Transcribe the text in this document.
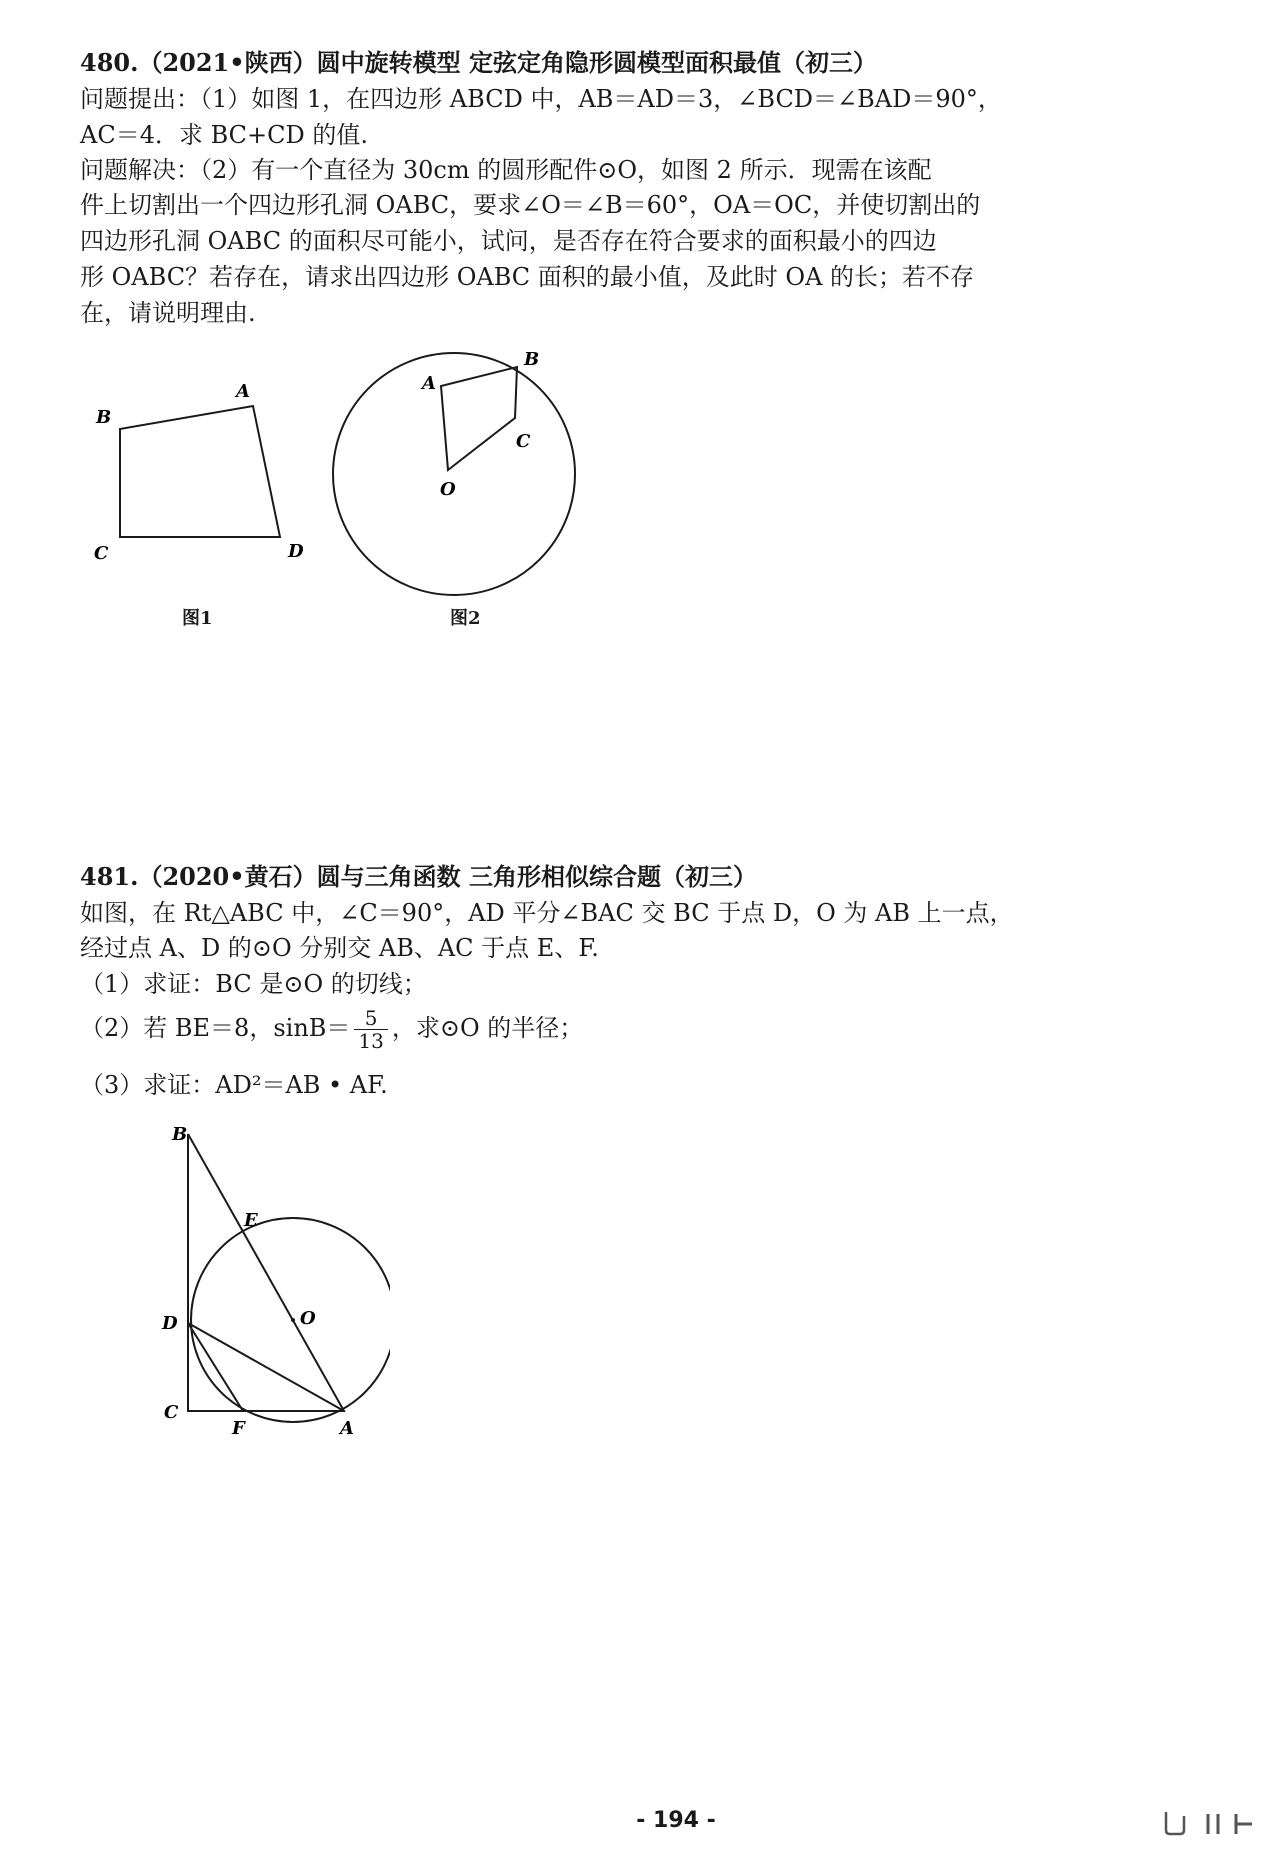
480.（2021•陕西）圆中旋转模型 定弦定角隐形圆模型面积最值（初三）
问题提出：（1）如图 1，在四边形 ABCD 中，AB＝AD＝3，∠BCD＝∠BAD＝90°，
AC＝4．求 BC+CD 的值.
问题解决：（2）有一个直径为 30cm 的圆形配件⊙O，如图 2 所示．现需在该配
件上切割出一个四边形孔洞 OABC，要求∠O＝∠B＝60°，OA＝OC，并使切割出的
四边形孔洞 OABC 的面积尽可能小，试问，是否存在符合要求的面积最小的四边
形 OABC？若存在，请求出四边形 OABC 面积的最小值，及此时 OA 的长；若不存
在，请说明理由.
B
A
C	D
图1
A
B
C
O
图2
481.（2020•黄石）圆与三角函数 三角形相似综合题（初三）
如图，在 Rt△ABC 中，∠C＝90°，AD 平分∠BAC 交 BC 于点 D，O 为 AB 上一点，
经过点 A、D 的⊙O 分别交 AB、AC 于点 E、F.
（1）求证：BC 是⊙O 的切线；
（2）若 BE＝8，$\sin B= \frac{5}{13}$ ，求⊙O 的半径；
（3）求证：AD²＝AB • AF.
B
E
O
D
C
F	A
- 194 -
